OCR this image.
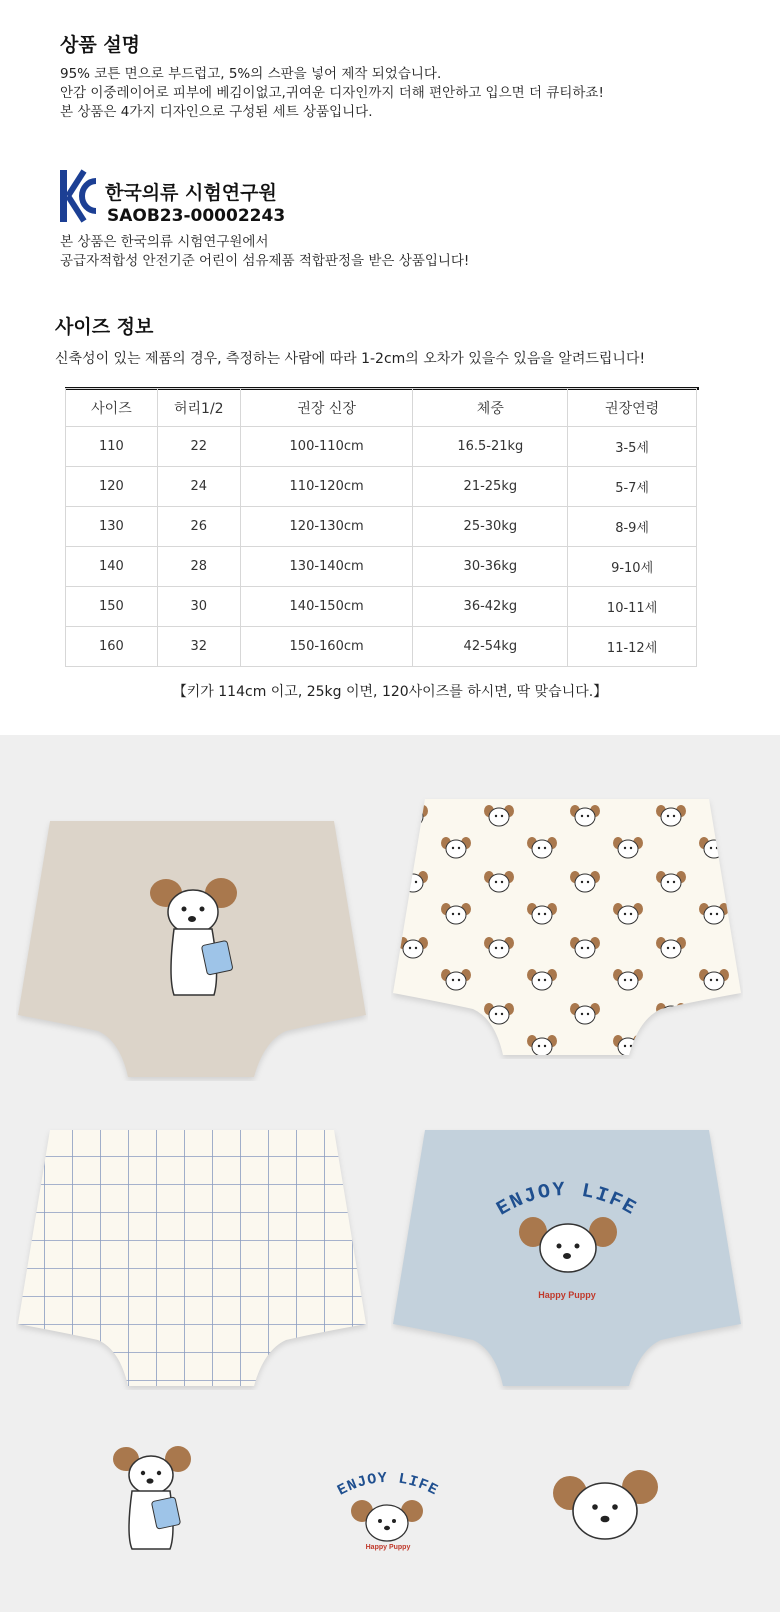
상품 설명
95% 코튼 면으로 부드럽고, 5%의 스판을 넣어 제작 되었습니다.
안감 이중레이어로 피부에 베김이없고,귀여운 디자인까지 더해 편안하고 입으면 더 큐티하죠!
본 상품은 4가지 디자인으로 구성된 세트 상품입니다.
한국의류 시험연구원
SAOB23-00002243
본 상품은 한국의류 시험연구원에서
공급자적합성 안전기준 어린이 섬유제품 적합판정을 받은 상품입니다!
사이즈 정보
신축성이 있는 제품의 경우, 측정하는 사람에 따라 1-2cm의 오차가 있을수 있음을 알려드립니다!
사이즈	허리1/2	권장 신장	체중	권장연령
110	22	100-110cm	16.5-21kg	3-5세
120	24	110-120cm	21-25kg	5-7세
130	26	120-130cm	25-30kg	8-9세
140	28	130-140cm	30-36kg	9-10세
150	30	140-150cm	36-42kg	10-11세
160	32	150-160cm	42-54kg	11-12세
【키가 114cm 이고, 25kg 이면, 120사이즈를 하시면, 딱 맞습니다.】
ENJOY LIFE
Happy Puppy
ENJOY LIFE
Happy Puppy
